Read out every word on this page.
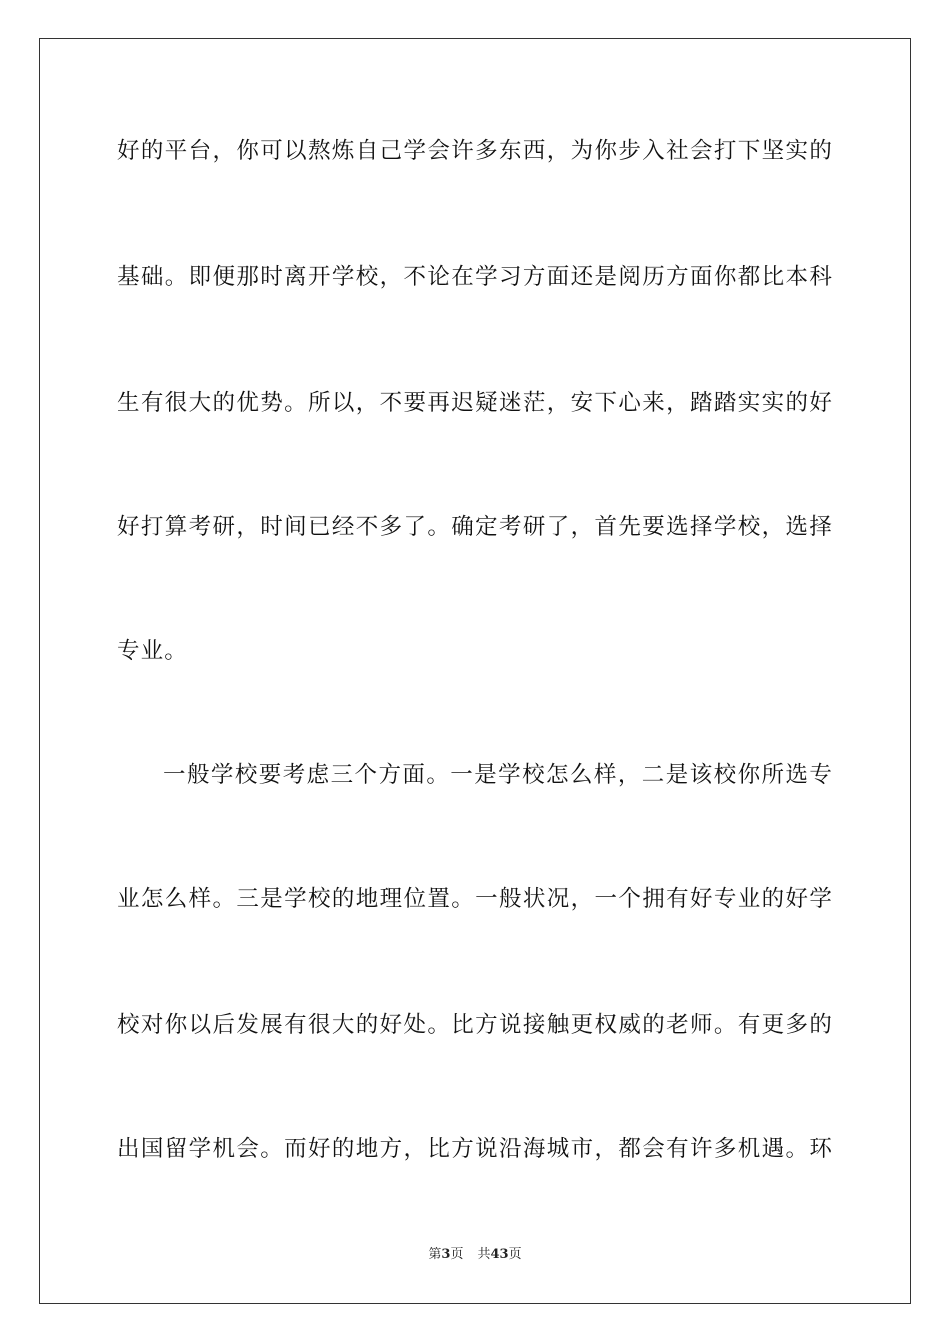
好的平台，你可以熬炼自己学会许多东西，为你步入社会打下坚实的
基础。即便那时离开学校，不论在学习方面还是阅历方面你都比本科
生有很大的优势。所以，不要再迟疑迷茫，安下心来，踏踏实实的好
好打算考研，时间已经不多了。确定考研了，首先要选择学校，选择
专业。
一般学校要考虑三个方面。一是学校怎么样，二是该校你所选专
业怎么样。三是学校的地理位置。一般状况，一个拥有好专业的好学
校对你以后发展有很大的好处。比方说接触更权威的老师。有更多的
出国留学机会。而好的地方，比方说沿海城市，都会有许多机遇。环
第3页 共43页
